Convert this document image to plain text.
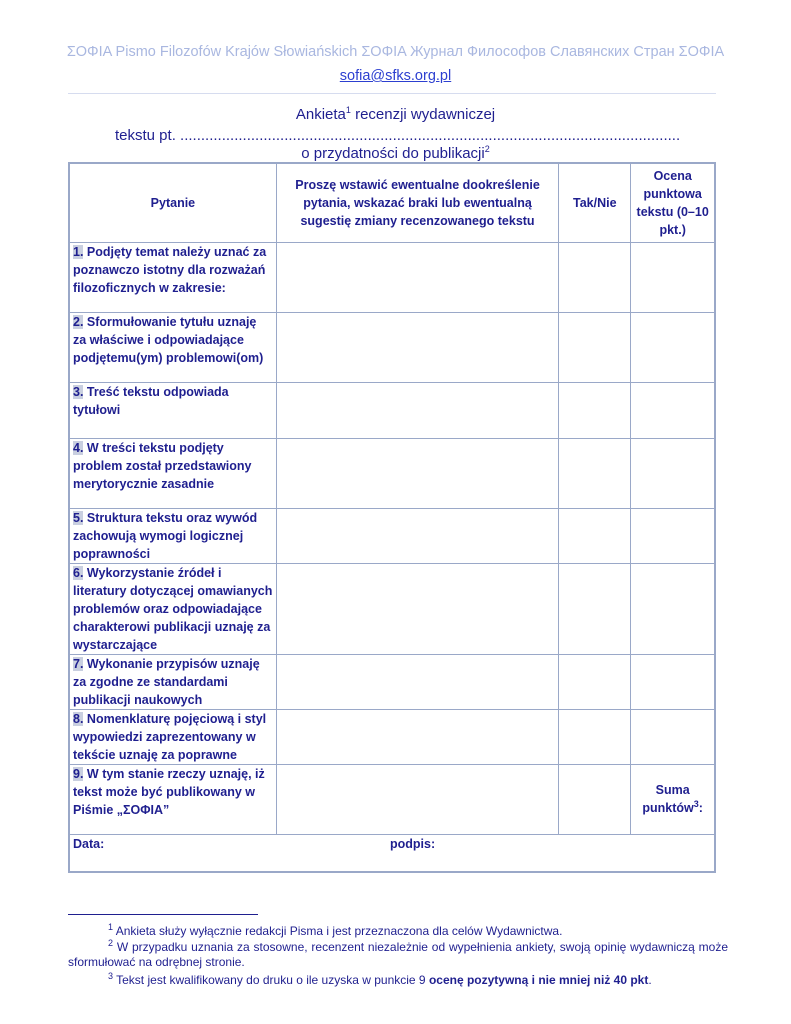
ΣΟΦΙΑ Pismo Filozofów Krajów Słowiańskich ΣΟΦΙΑ Журнал Философов Славянских Стран ΣΟΦΙΑ
sofia@sfks.org.pl
Ankieta$^1$ recenzji wydawniczej
tekstu pt. ........................................................................................................................
o przydatności do publikacji$^2$
Pytanie	Proszę wstawić ewentualne dookreślenie pytania, wskazać braki lub ewentualną sugestię zmiany recenzowanego tekstu	Tak/Nie	Ocena punktowa tekstu (0–10 pkt.)
1. Podjęty temat należy uznać za poznawczo istotny dla rozważań filozoficznych w zakresie:			
2. Sformułowanie tytułu uznaję za właściwe i odpowiadające podjętemu(ym) problemowi(om)			
3. Treść tekstu odpowiada tytułowi			
4. W treści tekstu podjęty problem został przedstawiony merytorycznie zasadnie			
5. Struktura tekstu oraz wywód zachowują wymogi logicznej poprawności			
6. Wykorzystanie źródeł i literatury dotyczącej omawianych problemów oraz odpowiadające charakterowi publikacji uznaję za wystarczające			
7. Wykonanie przypisów uznaję za zgodne ze standardami publikacji naukowych			
8. Nomenklaturę pojęciową i styl wypowiedzi zaprezentowany w tekście uznaję za poprawne			
9. W tym stanie rzeczy uznaję, iż tekst może być publikowany w Piśmie „ΣΟΦΙΑ”			Suma punktów$^3$:
Data: podpis:			
$^1$ Ankieta służy wyłącznie redakcji Pisma i jest przeznaczona dla celów Wydawnictwa.
$^2$ W przypadku uznania za stosowne, recenzent niezależnie od wypełnienia ankiety, swoją opinię wydawniczą może sformułować na odrębnej stronie.
$^3$ Tekst jest kwalifikowany do druku o ile uzyska w punkcie 9 ocenę pozytywną i nie mniej niż 40 pkt.
